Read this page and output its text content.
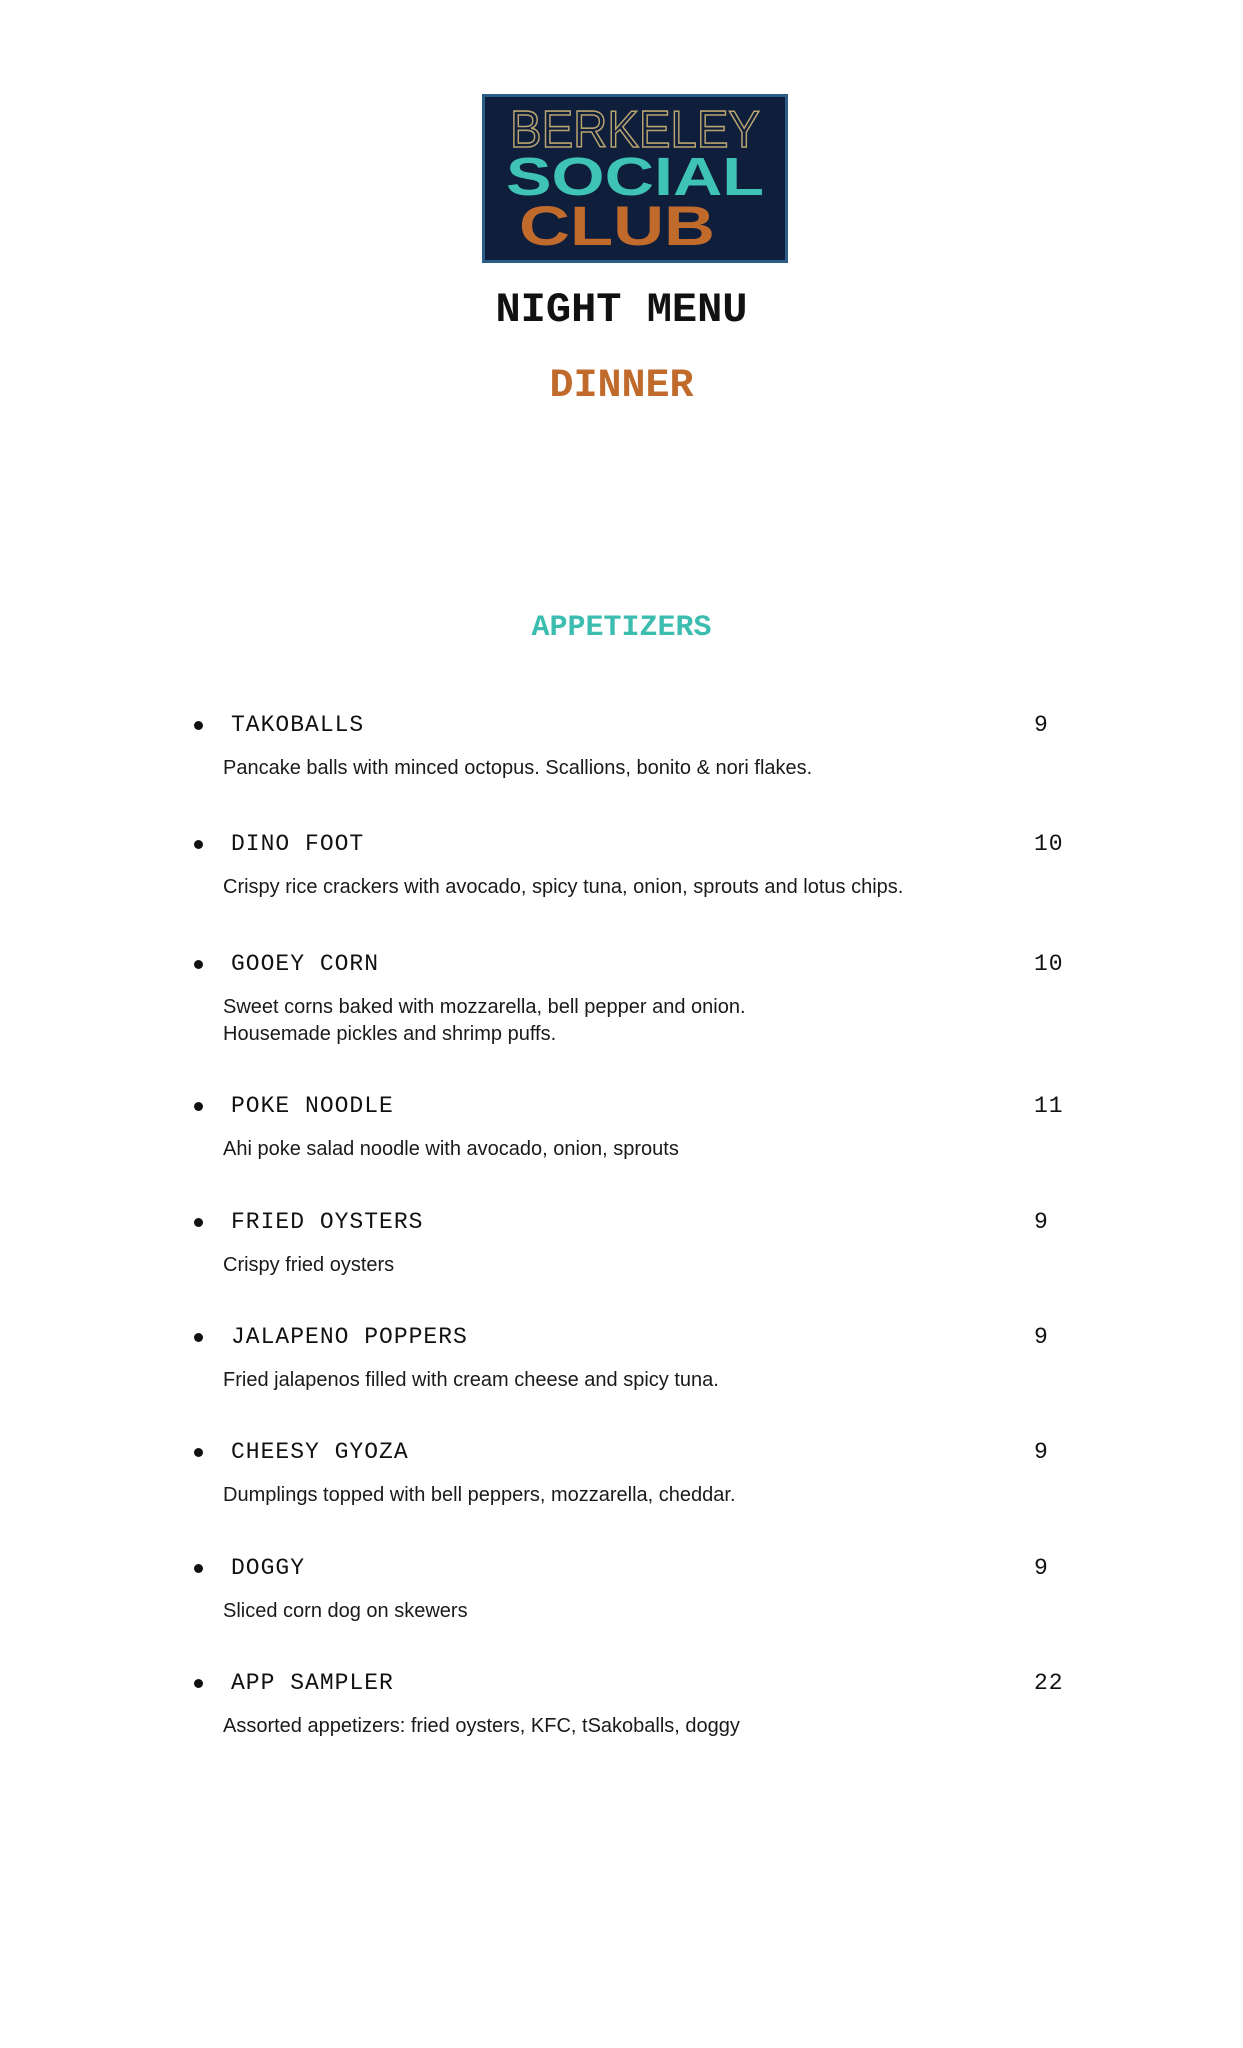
BERKELEY
SOCIAL
CLUB
NIGHT MENU
DINNER
APPETIZERS
TAKOBALLS	9
Pancake balls with minced octopus. Scallions, bonito & nori flakes.
DINO FOOT	10
Crispy rice crackers with avocado, spicy tuna, onion, sprouts and lotus chips.
GOOEY CORN	10
Sweet corns baked with mozzarella, bell pepper and onion.
Housemade pickles and shrimp puffs.
POKE NOODLE	11
Ahi poke salad noodle with avocado, onion, sprouts
FRIED OYSTERS	9
Crispy fried oysters
JALAPENO POPPERS	9
Fried jalapenos filled with cream cheese and spicy tuna.
CHEESY GYOZA	9
Dumplings topped with bell peppers, mozzarella, cheddar.
DOGGY	9
Sliced corn dog on skewers
APP SAMPLER	22
Assorted appetizers: fried oysters, KFC, tSakoballs, doggy
